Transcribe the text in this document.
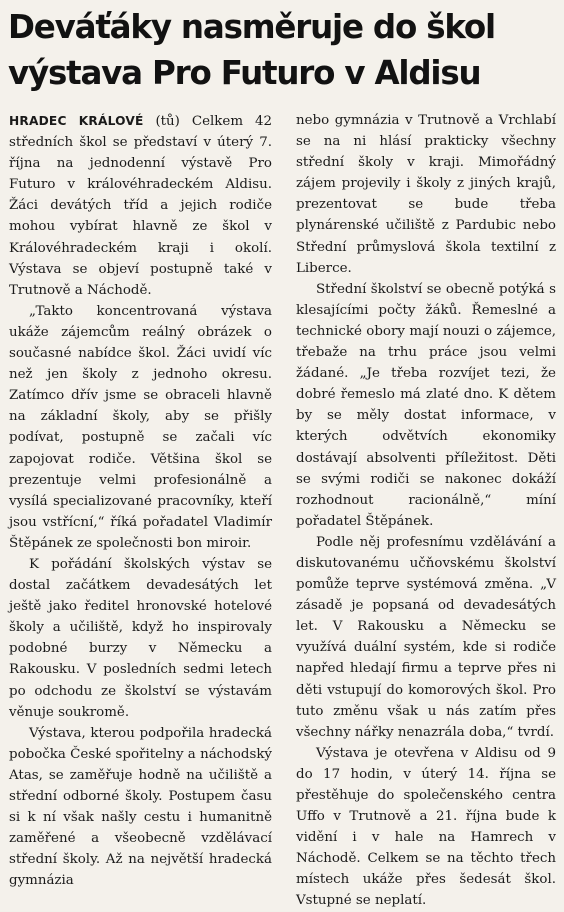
Deváťáky nasměruje do škol
výstava Pro Futuro v Aldisu

HRADEC KRÁLOVÉ (tů) Celkem 42 středních škol se představí v úterý 7. října na jednodenní výstavě Pro Futuro v královéhradeckém Aldisu. Žáci devátých tříd a jejich rodiče mohou vybírat hlavně ze škol v Královéhradeckém kraji i okolí. Výstava se objeví postupně také v Trutnově a Náchodě.

„Takto koncentrovaná výstava ukáže zájemcům reálný obrázek o současné nabídce škol. Žáci uvidí víc než jen školy z jednoho okresu. Zatímco dřív jsme se obraceli hlavně na základní školy, aby se přišly podívat, postupně se začali víc zapojovat rodiče. Většina škol se prezentuje velmi profesionálně a vysílá specializované pracovníky, kteří jsou vstřícní,“ říká pořadatel Vladimír Štěpánek ze společnosti bon miroir.

K pořádání školských výstav se dostal začátkem devadesátých let ještě jako ředitel hronovské hotelové školy a učiliště, když ho inspirovaly podobné burzy v Německu a Rakousku. V posledních sedmi letech po odchodu ze školství se výstavám věnuje soukromě.

Výstava, kterou podpořila hradecká pobočka České spořitelny a náchodský Atas, se zaměřuje hodně na učiliště a střední odborné školy. Postupem času si k ní však našly cestu i humanitně zaměřené a všeobecně vzdělávací střední školy. Až na největší hradecká gymnázia

nebo gymnázia v Trutnově a Vrchlabí se na ni hlásí prakticky všechny střední školy v kraji. Mimořádný zájem projevily i školy z jiných krajů, prezentovat se bude třeba plynárenské učiliště z Pardubic nebo Střední průmyslová škola textilní z Liberce.

Střední školství se obecně potýká s klesajícími počty žáků. Řemeslné a technické obory mají nouzi o zájemce, třebaže na trhu práce jsou velmi žádané. „Je třeba rozvíjet tezi, že dobré řemeslo má zlaté dno. K dětem by se měly dostat informace, v kterých odvětvích ekonomiky dostávají absolventi příležitost. Děti se svými rodiči se nakonec dokáží rozhodnout racionálně,“ míní pořadatel Štěpánek.

Podle něj profesnímu vzdělávání a diskutovanému učňovskému školství pomůže teprve systémová změna. „V zásadě je popsaná od devadesátých let. V Rakousku a Německu se využívá duální systém, kde si rodiče napřed hledají firmu a teprve přes ni děti vstupují do komorových škol. Pro tuto změnu však u nás zatím přes všechny nářky nenazrála doba,“ tvrdí.

Výstava je otevřena v Aldisu od 9 do 17 hodin, v úterý 14. října se přestěhuje do společenského centra Uffo v Trutnově a 21. října bude k vidění i v hale na Hamrech v Náchodě. Celkem se na těchto třech místech ukáže přes šedesát škol. Vstupné se neplatí.
